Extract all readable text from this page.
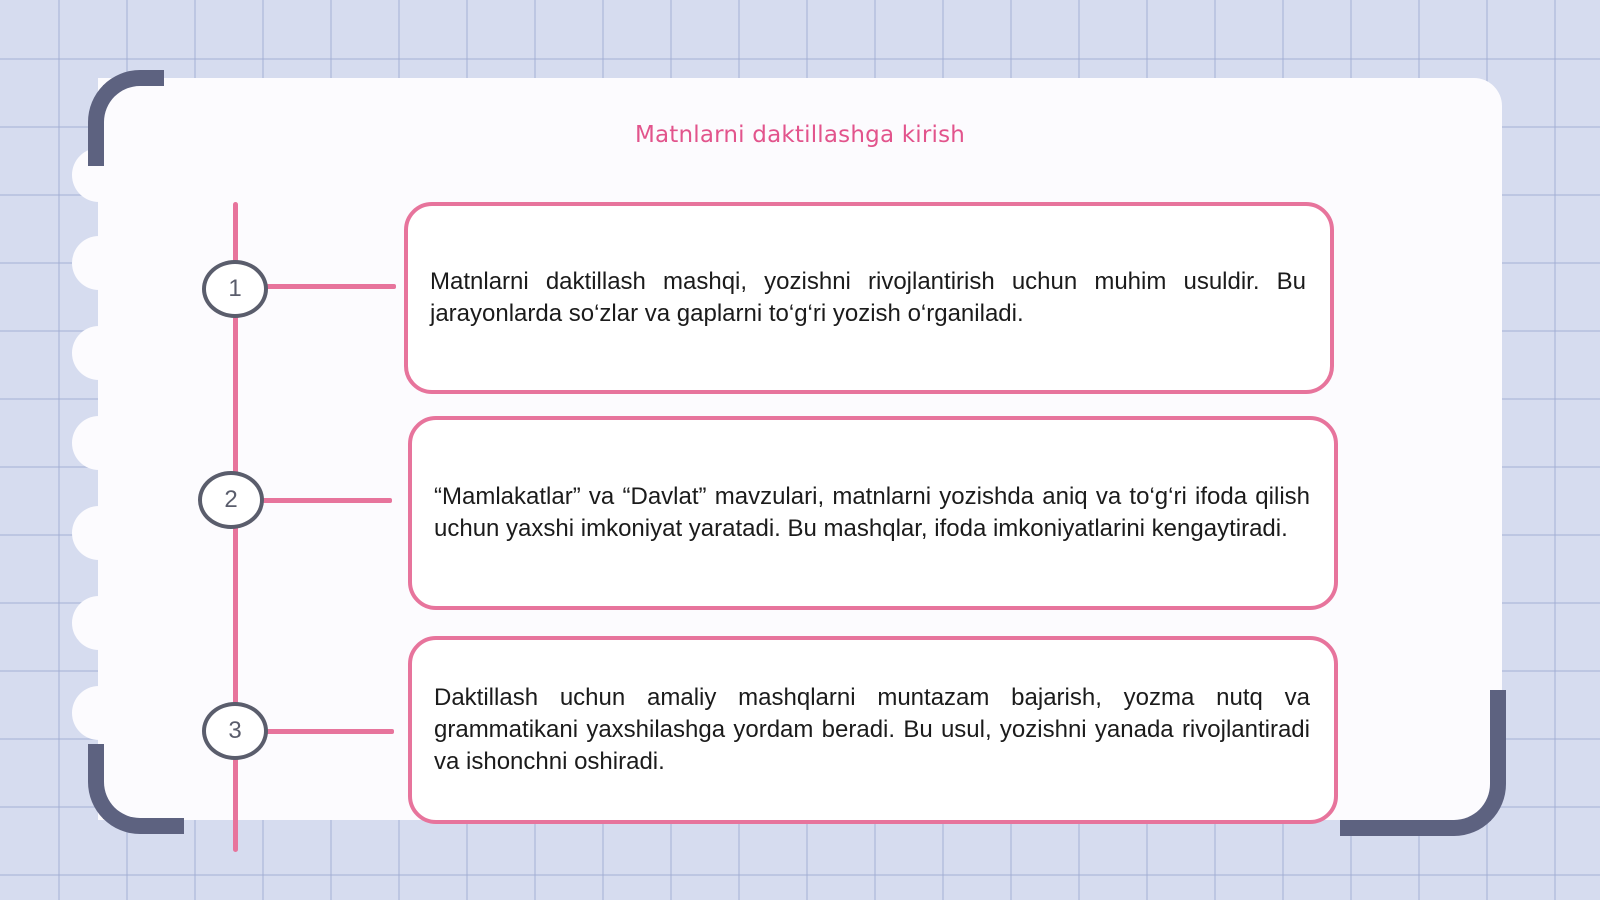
Matnlarni daktillashga kirish
1
2
3
Matnlarni daktillash mashqi, yozishni rivojlantirish uchun muhim usuldir. Bu jarayonlarda so‘zlar va gaplarni to‘g‘ri yozish o‘rganiladi.
“Mamlakatlar” va “Davlat” mavzulari, matnlarni yozishda aniq va to‘g‘ri ifoda qilish uchun yaxshi imkoniyat yaratadi. Bu mashqlar, ifoda imkoniyatlarini kengaytiradi.
Daktillash uchun amaliy mashqlarni muntazam bajarish, yozma nutq va grammatikani yaxshilashga yordam beradi. Bu usul, yozishni yanada rivojlantiradi va ishonchni oshiradi.
